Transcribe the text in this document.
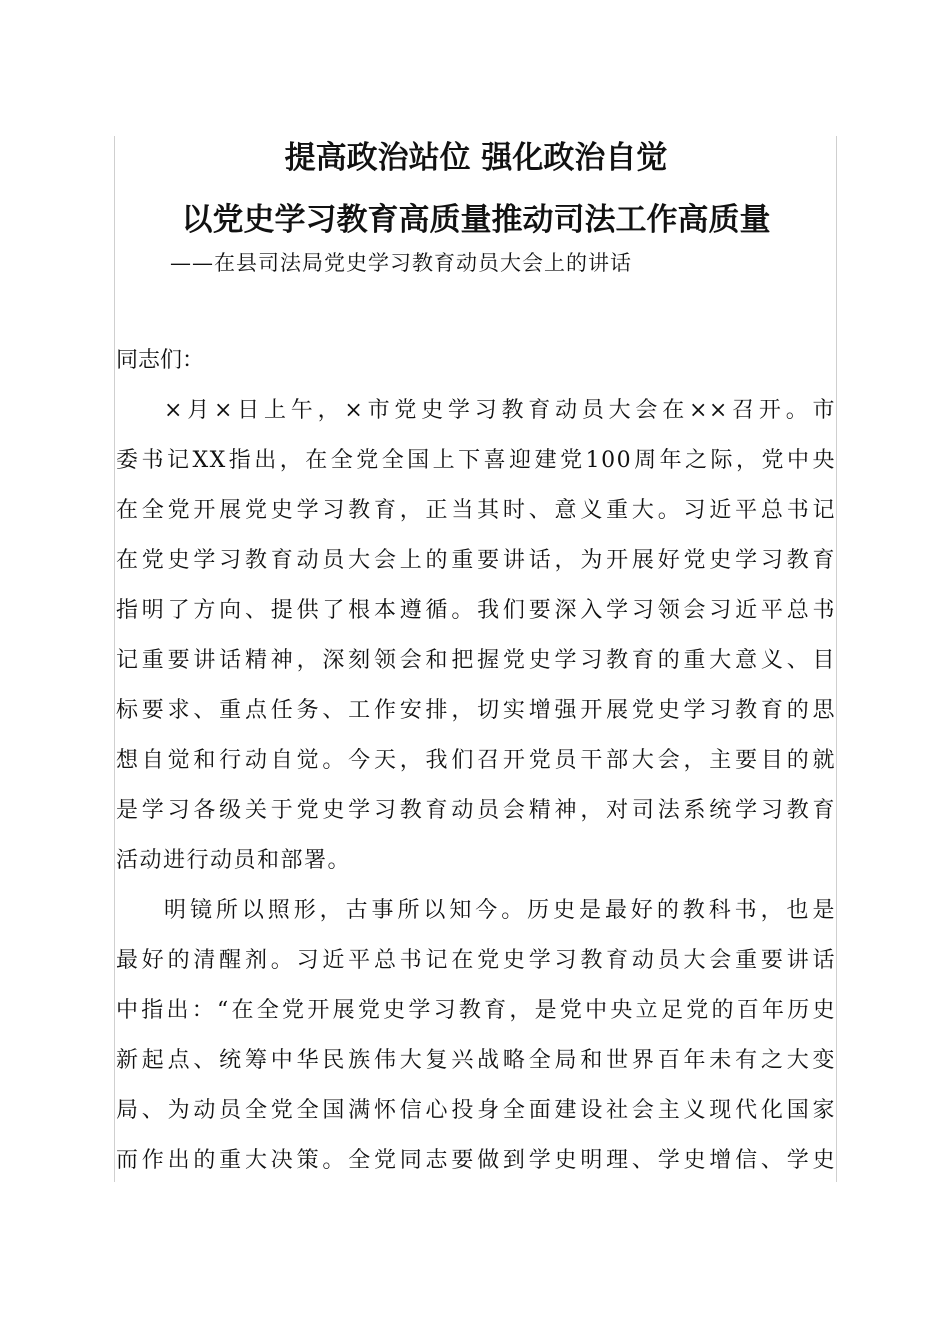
提高政治站位 强化政治自觉
以党史学习教育高质量推动司法工作高质量
——在县司法局党史学习教育动员大会上的讲话
同志们：
×月×日上午，×市党史学习教育动员大会在××召开。市
委书记XX指出，在全党全国上下喜迎建党100周年之际，党中央
在全党开展党史学习教育，正当其时、意义重大。习近平总书记
在党史学习教育动员大会上的重要讲话，为开展好党史学习教育
指明了方向、提供了根本遵循。我们要深入学习领会习近平总书
记重要讲话精神，深刻领会和把握党史学习教育的重大意义、目
标要求、重点任务、工作安排，切实增强开展党史学习教育的思
想自觉和行动自觉。今天，我们召开党员干部大会，主要目的就
是学习各级关于党史学习教育动员会精神，对司法系统学习教育
活动进行动员和部署。
明镜所以照形，古事所以知今。历史是最好的教科书，也是
最好的清醒剂。习近平总书记在党史学习教育动员大会重要讲话
中指出：“在全党开展党史学习教育，是党中央立足党的百年历史
新起点、统筹中华民族伟大复兴战略全局和世界百年未有之大变
局、为动员全党全国满怀信心投身全面建设社会主义现代化国家
而作出的重大决策。全党同志要做到学史明理、学史增信、学史
